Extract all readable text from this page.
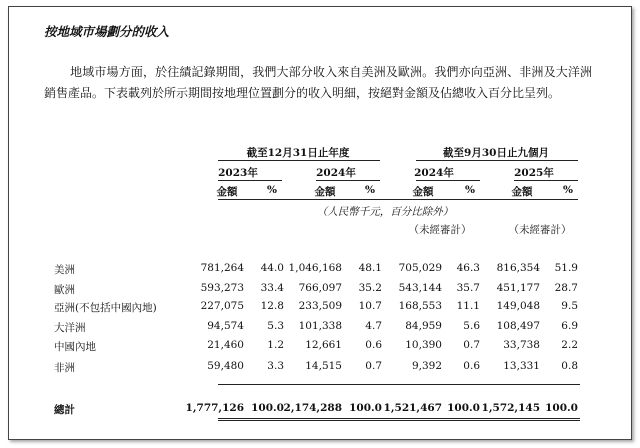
按地域市場劃分的收入
地域市場方面，於往績記錄期間，我們大部分收入來自美洲及歐洲。我們亦向亞洲、非洲及大洋洲銷售產品。下表載列於所示期間按地理位置劃分的收入明細，按絕對金額及佔總收入百分比呈列。
截至12月31日止年度	截至9月30日止九個月
2023年	2024年	2024年	2025年
金額	%	金額	%	金額	%	金額	%
（人民幣千元，百分比除外）
（未經審計）	（未經審計）
美洲	781,264	44.0 1,046,168	48.1	705,029	46.3	816,354	51.9
歐洲	593,273	33.4	766,097	35.2	543,144	35.7	451,177	28.7
亞洲(不包括中國內地)	227,075	12.8	233,509	10.7	168,553	11.1	149,048	9.5
大洋洲	94,574	5.3	101,338	4.7	84,959	5.6	108,497	6.9
中國內地	21,460	1.2	12,661	0.6	10,390	0.7	33,738	2.2
非洲	59,480	3.3	14,515	0.7	9,392	0.6	13,331	0.8
總計	1,777,126 100.0 2,174,288 100.0 1,521,467 100.0 1,572,145 100.0
